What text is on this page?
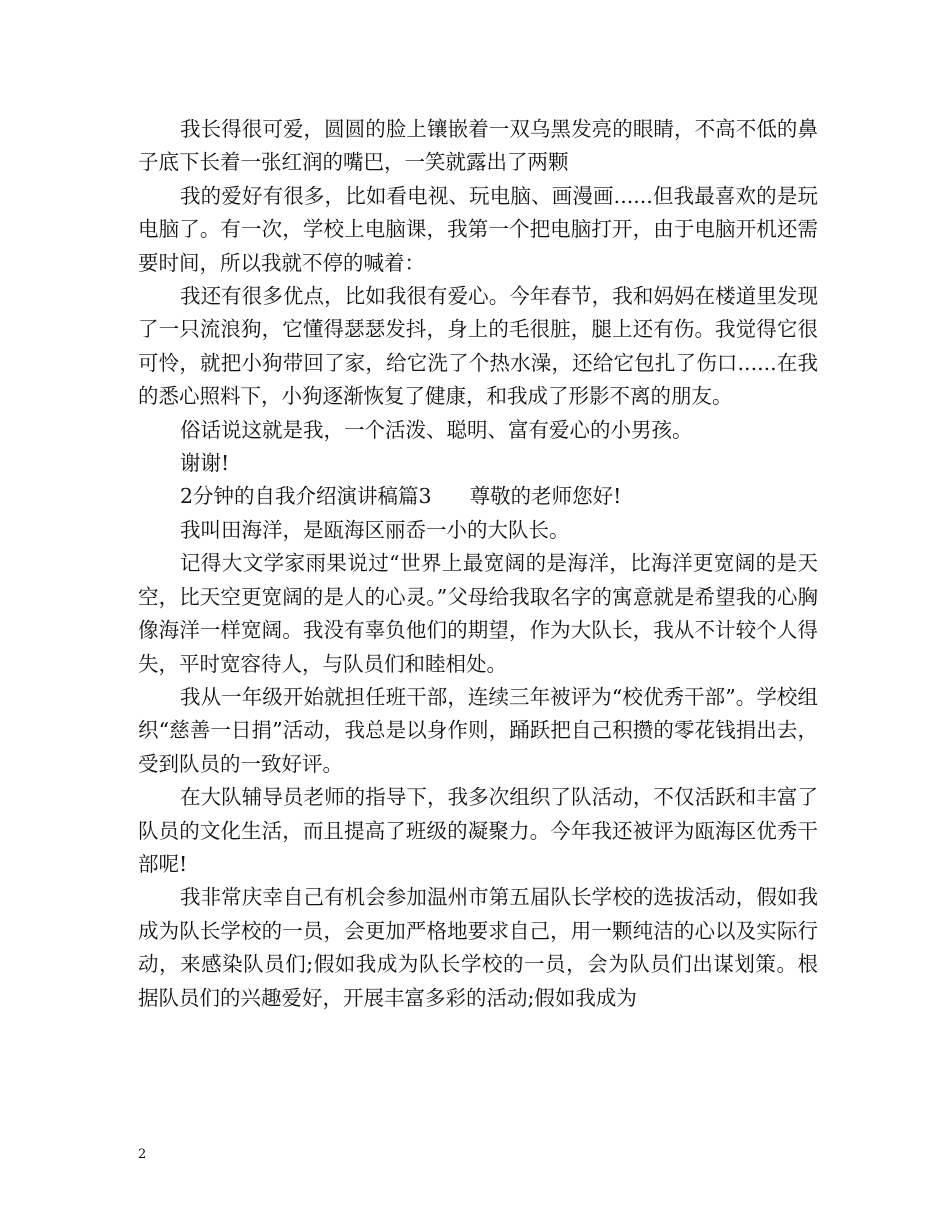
我长得很可爱，圆圆的脸上镶嵌着一双乌黑发亮的眼睛，不高不低的鼻子底下长着一张红润的嘴巴，一笑就露出了两颗

我的爱好有很多，比如看电视、玩电脑、画漫画......但我最喜欢的是玩电脑了。有一次，学校上电脑课，我第一个把电脑打开，由于电脑开机还需要时间，所以我就不停的喊着：

我还有很多优点，比如我很有爱心。今年春节，我和妈妈在楼道里发现了一只流浪狗，它懂得瑟瑟发抖，身上的毛很脏，腿上还有伤。我觉得它很可怜，就把小狗带回了家，给它洗了个热水澡，还给它包扎了伤口......在我的悉心照料下，小狗逐渐恢复了健康，和我成了形影不离的朋友。

俗话说这就是我，一个活泼、聪明、富有爱心的小男孩。

谢谢!

2分钟的自我介绍演讲稿篇3 尊敬的老师您好!

我叫田海洋，是瓯海区丽岙一小的大队长。

记得大文学家雨果说过“世界上最宽阔的是海洋，比海洋更宽阔的是天空，比天空更宽阔的是人的心灵。”父母给我取名字的寓意就是希望我的心胸像海洋一样宽阔。我没有辜负他们的期望，作为大队长，我从不计较个人得失，平时宽容待人，与队员们和睦相处。

我从一年级开始就担任班干部，连续三年被评为“校优秀干部”。学校组织“慈善一日捐”活动，我总是以身作则，踊跃把自己积攒的零花钱捐出去，受到队员的一致好评。

在大队辅导员老师的指导下，我多次组织了队活动，不仅活跃和丰富了队员的文化生活，而且提高了班级的凝聚力。今年我还被评为瓯海区优秀干部呢!

我非常庆幸自己有机会参加温州市第五届队长学校的选拔活动，假如我成为队长学校的一员，会更加严格地要求自己，用一颗纯洁的心以及实际行动，来感染队员们;假如我成为队长学校的一员，会为队员们出谋划策。根据队员们的兴趣爱好，开展丰富多彩的活动;假如我成为

2
